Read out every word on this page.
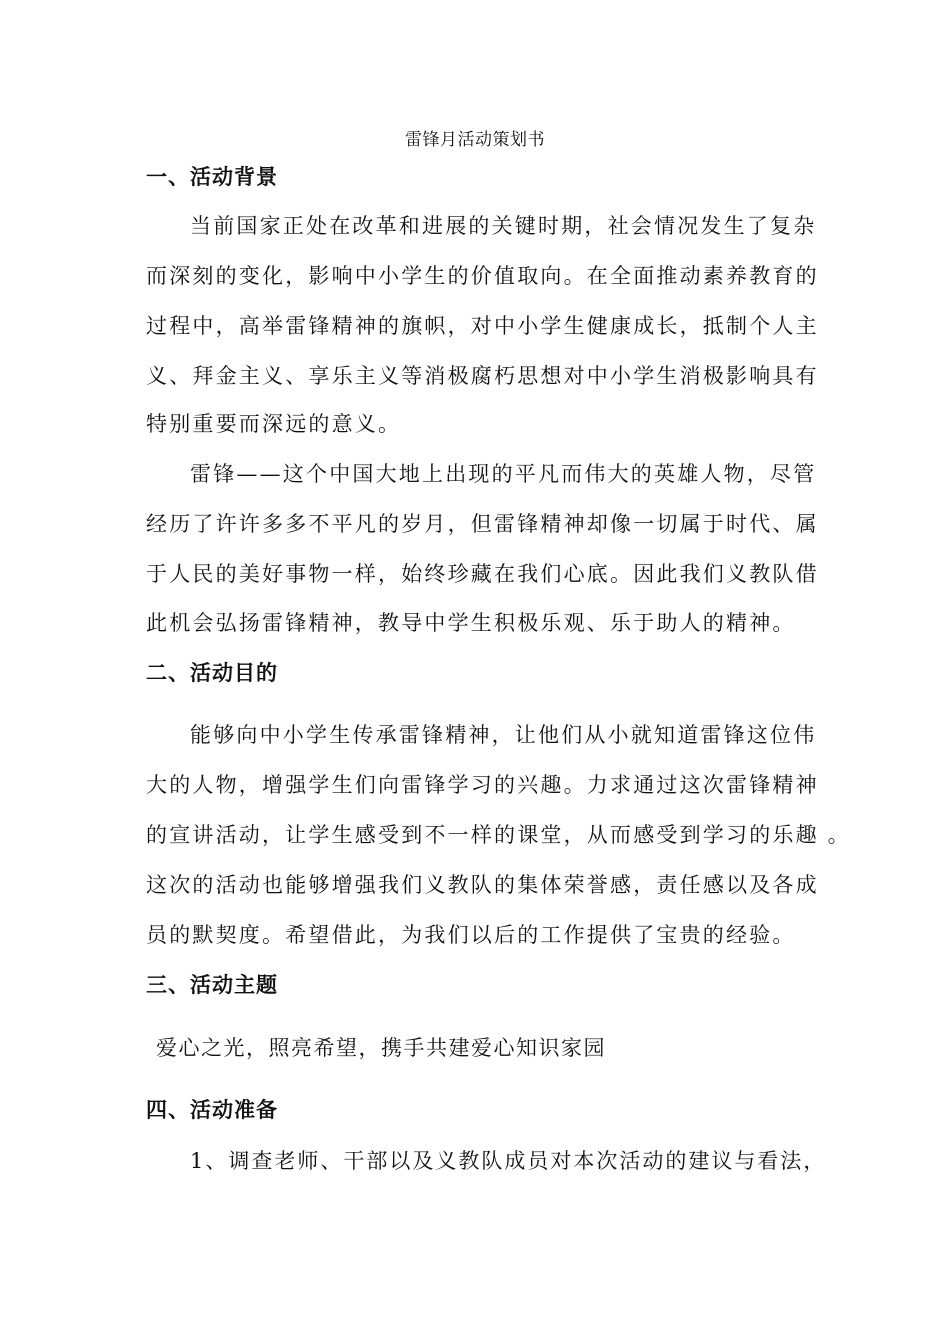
雷锋月活动策划书
一、活动背景
当前国家正处在改革和进展的关键时期，社会情况发生了复杂
而深刻的变化，影响中小学生的价值取向。在全面推动素养教育的
过程中，高举雷锋精神的旗帜，对中小学生健康成长，抵制个人主
义、拜金主义、享乐主义等消极腐朽思想对中小学生消极影响具有
特别重要而深远的意义。
雷锋——这个中国大地上出现的平凡而伟大的英雄人物，尽管
经历了许许多多不平凡的岁月，但雷锋精神却像一切属于时代、属
于人民的美好事物一样，始终珍藏在我们心底。因此我们义教队借
此机会弘扬雷锋精神，教导中学生积极乐观、乐于助人的精神。
二、活动目的
能够向中小学生传承雷锋精神，让他们从小就知道雷锋这位伟
大的人物，增强学生们向雷锋学习的兴趣。力求通过这次雷锋精神
的宣讲活动，让学生感受到不一样的课堂，从而感受到学习的乐趣 。
这次的活动也能够增强我们义教队的集体荣誉感，责任感以及各成
员的默契度。希望借此，为我们以后的工作提供了宝贵的经验。
三、活动主题
爱心之光，照亮希望，携手共建爱心知识家园
四、活动准备
1、调查老师、干部以及义教队成员对本次活动的建议与看法，
